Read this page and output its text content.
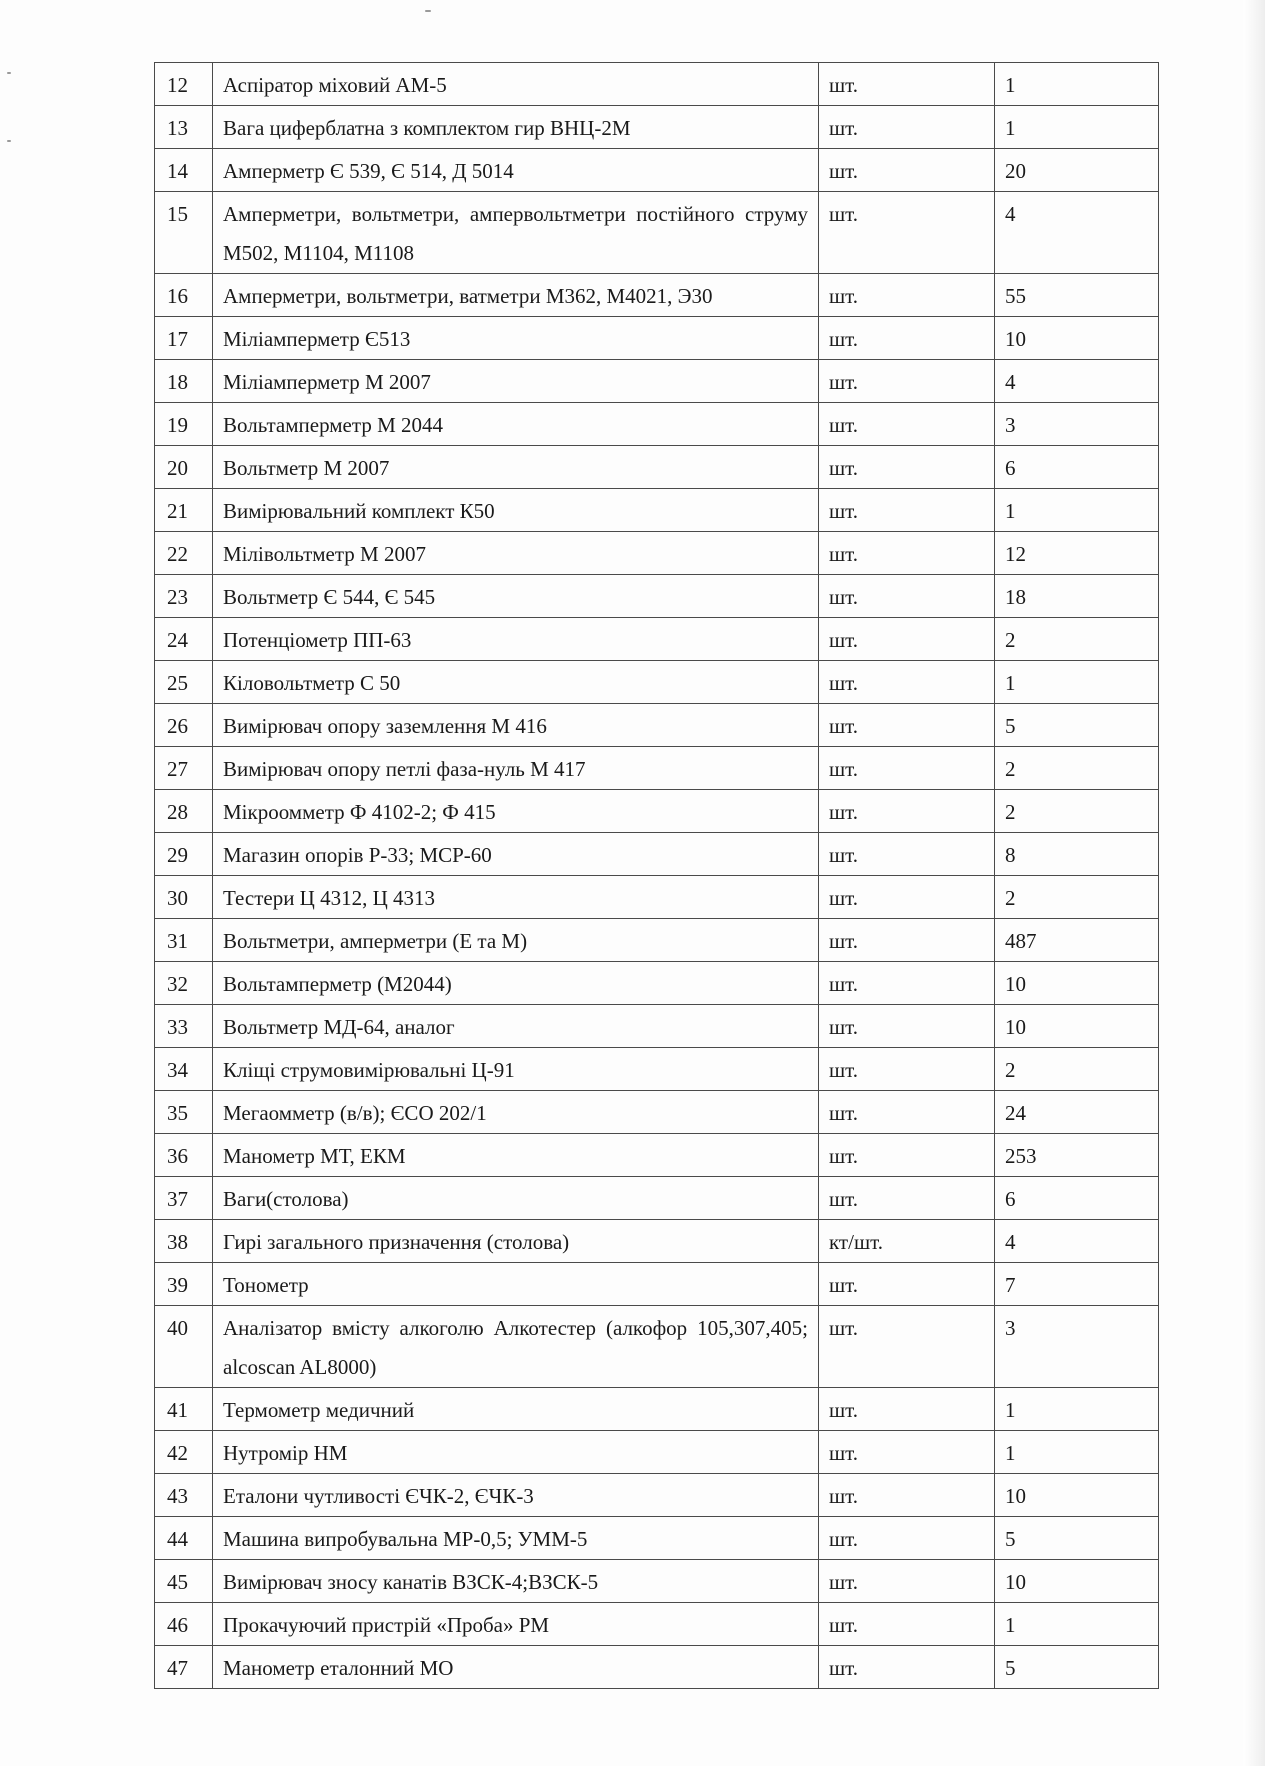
12	Аспіратор міховий АМ-5	шт.	1
13	Вага циферблатна з комплектом гир ВНЦ-2М	шт.	1
14	Амперметр Є 539, Є 514, Д 5014	шт.	20
15	Амперметри, вольтметри, ампервольтметри постійного струму М502, М1104, М1108	шт.	4
16	Амперметри, вольтметри, ватметри М362, М4021, Э30	шт.	55
17	Міліамперметр Є513	шт.	10
18	Міліамперметр М 2007	шт.	4
19	Вольтамперметр М 2044	шт.	3
20	Вольтметр М 2007	шт.	6
21	Вимірювальний комплект К50	шт.	1
22	Мілівольтметр М 2007	шт.	12
23	Вольтметр Є 544, Є 545	шт.	18
24	Потенціометр ПП-63	шт.	2
25	Кіловольтметр С 50	шт.	1
26	Вимірювач опору заземлення М 416	шт.	5
27	Вимірювач опору петлі фаза-нуль М 417	шт.	2
28	Мікроомметр Ф 4102-2; Ф 415	шт.	2
29	Магазин опорів Р-33; МСР-60	шт.	8
30	Тестери Ц 4312, Ц 4313	шт.	2
31	Вольтметри, амперметри (Е та М)	шт.	487
32	Вольтамперметр (М2044)	шт.	10
33	Вольтметр МД-64, аналог	шт.	10
34	Кліщі струмовимірювальні Ц-91	шт.	2
35	Мегаомметр (в/в); ЄСО 202/1	шт.	24
36	Манометр МТ, ЕКМ	шт.	253
37	Ваги(столова)	шт.	6
38	Гирі загального призначення (столова)	кт/шт.	4
39	Тонометр	шт.	7
40	Аналізатор вмісту алкоголю Алкотестер (алкофор 105,307,405; alcoscan AL8000)	шт.	3
41	Термометр медичний	шт.	1
42	Нутромір НМ	шт.	1
43	Еталони чутливості ЄЧК-2, ЄЧК-3	шт.	10
44	Машина випробувальна МР-0,5; УММ-5	шт.	5
45	Вимірювач зносу канатів ВЗСК-4;ВЗСК-5	шт.	10
46	Прокачуючий пристрій «Проба» РМ	шт.	1
47	Манометр еталонний МО	шт.	5
